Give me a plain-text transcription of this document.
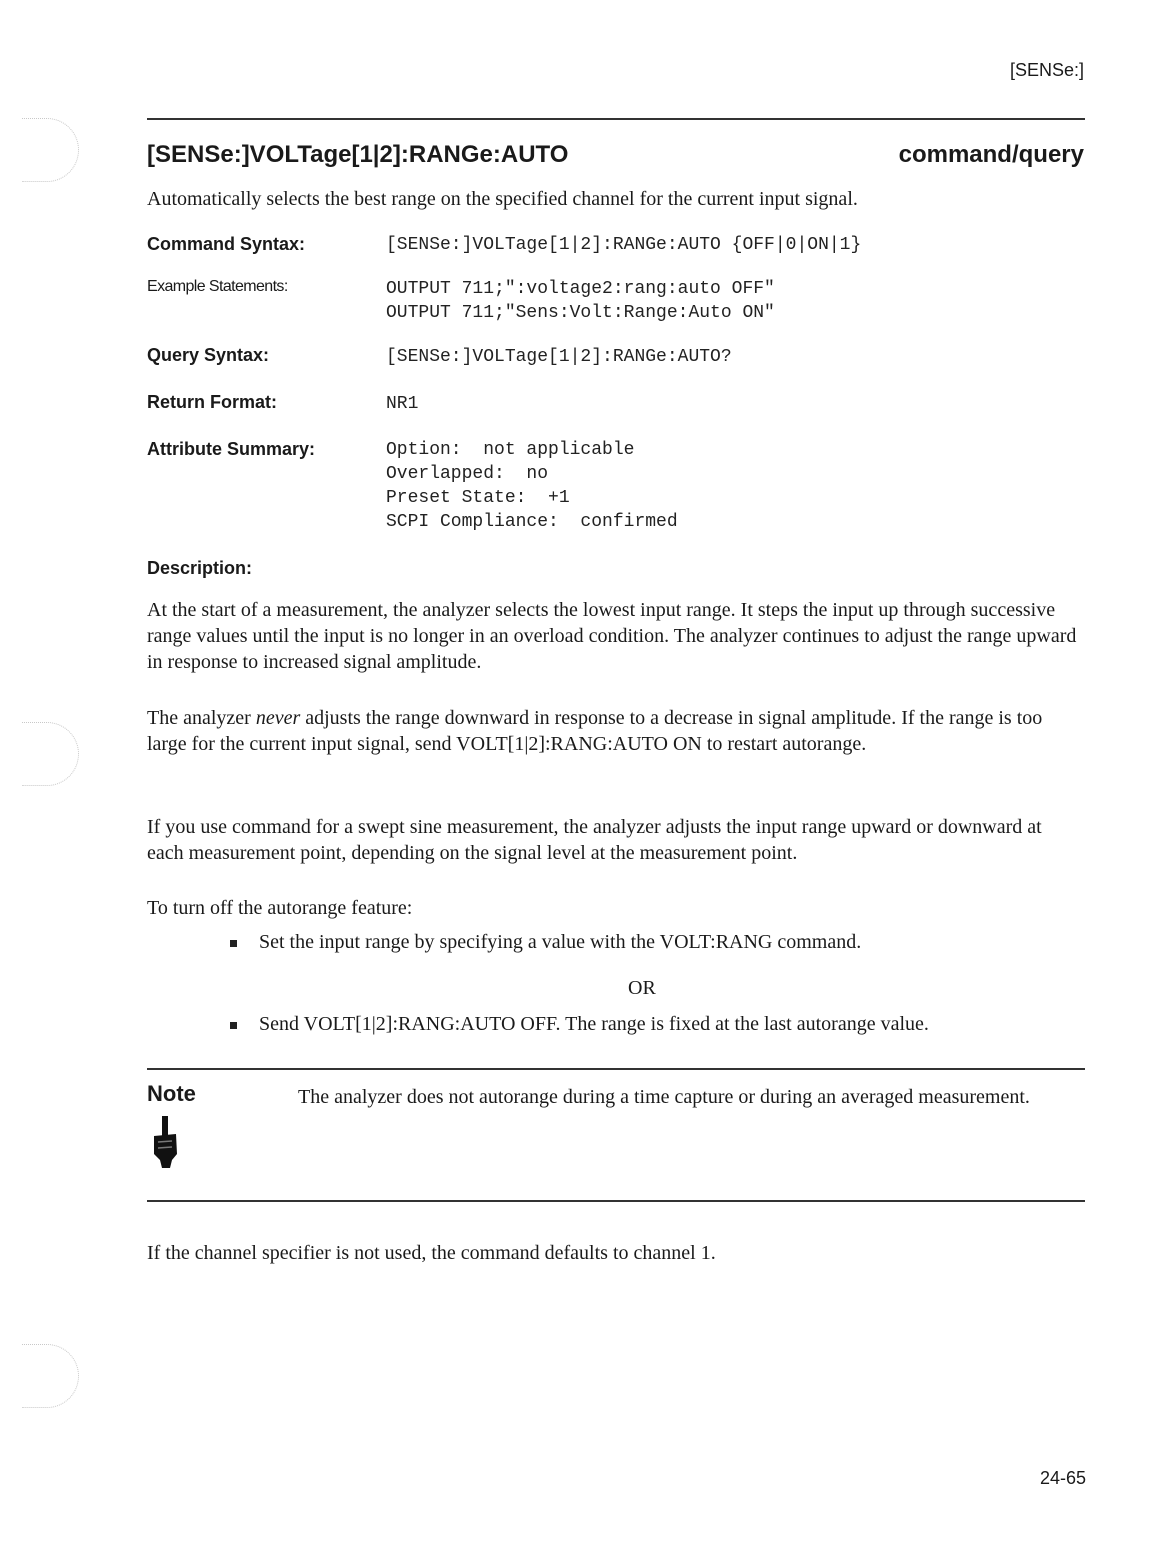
[SENSe:]
[SENSe:]VOLTage[1|2]:RANGe:AUTO	command/query
Automatically selects the best range on the specified channel for the current input signal.
Command Syntax:	[SENSe:]VOLTage[1|2]:RANGe:AUTO {OFF|0|ON|1}
Example Statements:	OUTPUT 711;":voltage2:rang:auto OFF"
OUTPUT 711;"Sens:Volt:Range:Auto ON"
Query Syntax:	[SENSe:]VOLTage[1|2]:RANGe:AUTO?
Return Format:	NR1
Attribute Summary:	Option:  not applicable
Overlapped:  no
Preset State:  +1
SCPI Compliance:  confirmed
Description:
At the start of a measurement, the analyzer selects the lowest input range. It steps the input up through successive range values until the input is no longer in an overload condition. The analyzer continues to adjust the range upward in response to increased signal amplitude.
The analyzer never adjusts the range downward in response to a decrease in signal amplitude. If the range is too large for the current input signal, send VOLT[1|2]:RANG:AUTO ON to restart autorange.
If you use command for a swept sine measurement, the analyzer adjusts the input range upward or downward at each measurement point, depending on the signal level at the measurement point.
To turn off the autorange feature:
Set the input range by specifying a value with the VOLT:RANG command.
OR
Send VOLT[1|2]:RANG:AUTO OFF. The range is fixed at the last autorange value.
Note	The analyzer does not autorange during a time capture or during an averaged measurement.
If the channel specifier is not used, the command defaults to channel 1.
24-65
